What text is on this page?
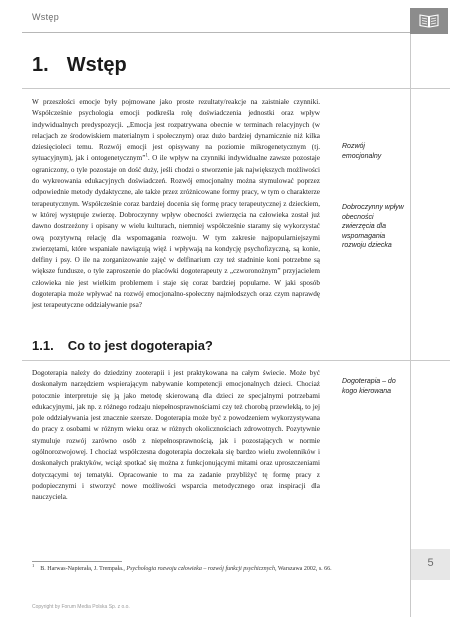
Wstęp
1. Wstęp

W przeszłości emocje były pojmowane jako proste rezultaty/reakcje na zaistniałe czynniki. Współcześnie psychologia emocji podkreśla rolę doświadczenia jednostki oraz wpływ indywidualnych predyspozycji. „Emocja jest rozpatrywana obecnie w terminach relacyjnych (w relacjach ze środowiskiem materialnym i społecznym) oraz dużo bardziej dynamicznie niż kilka dziesięcioleci temu. Rozwój emocji jest opisywany na poziomie mikrogenetycznym (tj. sytuacyjnym), jak i ontogenetycznym”$^1$. O ile wpływ na czynniki indywidualne zawsze pozostaje ograniczony, o tyle pozostaje on dość duży, jeśli chodzi o stworzenie jak największych możliwości do wykreowania edukacyjnych doświadczeń. Rozwój emocjonalny można stymulować poprzez odpowiednie metody dydaktyczne, ale także przez zróżnicowane formy pracy, w tym o charakterze terapeutycznym. Współcześnie coraz bardziej docenia się formę pracy terapeutycznej z dzieckiem, w której występuje zwierzę. Dobroczynny wpływ obecności zwierzęcia na człowieka został już dawno dostrzeżony i opisany w wielu kulturach, niemniej współcześnie staramy się wykorzystać ową pozytywną relację dla wspomagania rozwoju. W tym zakresie najpopularniejszymi zwierzętami, które wspaniale nawiązują więź i wpływają na kondycję psychofizyczną, są konie, delfiny i psy. O ile na zorganizowanie zajęć w delfinarium czy też stadninie koni potrzebne są większe fundusze, o tyle zaproszenie do placówki dogoterapeuty z „czworonożnym” przyjacielem człowieka nie jest wielkim problemem i staje się coraz bardziej popularne. W jaki sposób dogoterapia może wpływać na rozwój emocjonalno-społeczny najmłodszych oraz czym naprawdę jest terapeutyczne oddziaływanie psa?

1.1. Co to jest dogoterapia?

Dogoterapia należy do dziedziny zooterapii i jest praktykowana na całym świecie. Może być doskonałym narzędziem wspierającym nabywanie kompetencji emocjonalnych dzieci. Chociaż potocznie interpretuje się ją jako metodę skierowaną dla dzieci ze specjalnymi potrzebami edukacyjnymi, jak np. z różnego rodzaju niepełnosprawnościami czy też chorobą przewlekłą, to jej pole oddziaływania jest znacznie szersze. Dogoterapia może być z powodzeniem wykorzystywana do pracy z osobami w różnym wieku oraz w różnych okolicznościach zdrowotnych. Pozytywnie stymuluje rozwój zarówno osób z niepełnosprawnością, jak i pozostających w normie ogólnorozwojowej. I chociaż współczesna dogoterapia doczekała się bardzo wielu zwolenników i doskonałych praktyków, wciąż spotkać się można z funkcjonującymi mitami oraz uproszczeniami dotyczącymi tej tematyki. Opracowanie to ma za zadanie przybliżyć tę formę pracy z podopiecznymi i stworzyć nowe możliwości wsparcia metodycznego oraz inspiracji dla nauczyciela.

Rozwój emocjonalny

Dobroczynny wpływ obecności zwierzęcia dla wspomagania rozwoju dziecka

Dogoterapia – do kogo kierowana

$^1$B. Harwas-Napierała, J. Trempała., Psychologia rozwoju człowieka – rozwój funkcji psychicznych, Warszawa 2002, s. 66.	5
Copyright by Forum Media Polska Sp. z o.o.
